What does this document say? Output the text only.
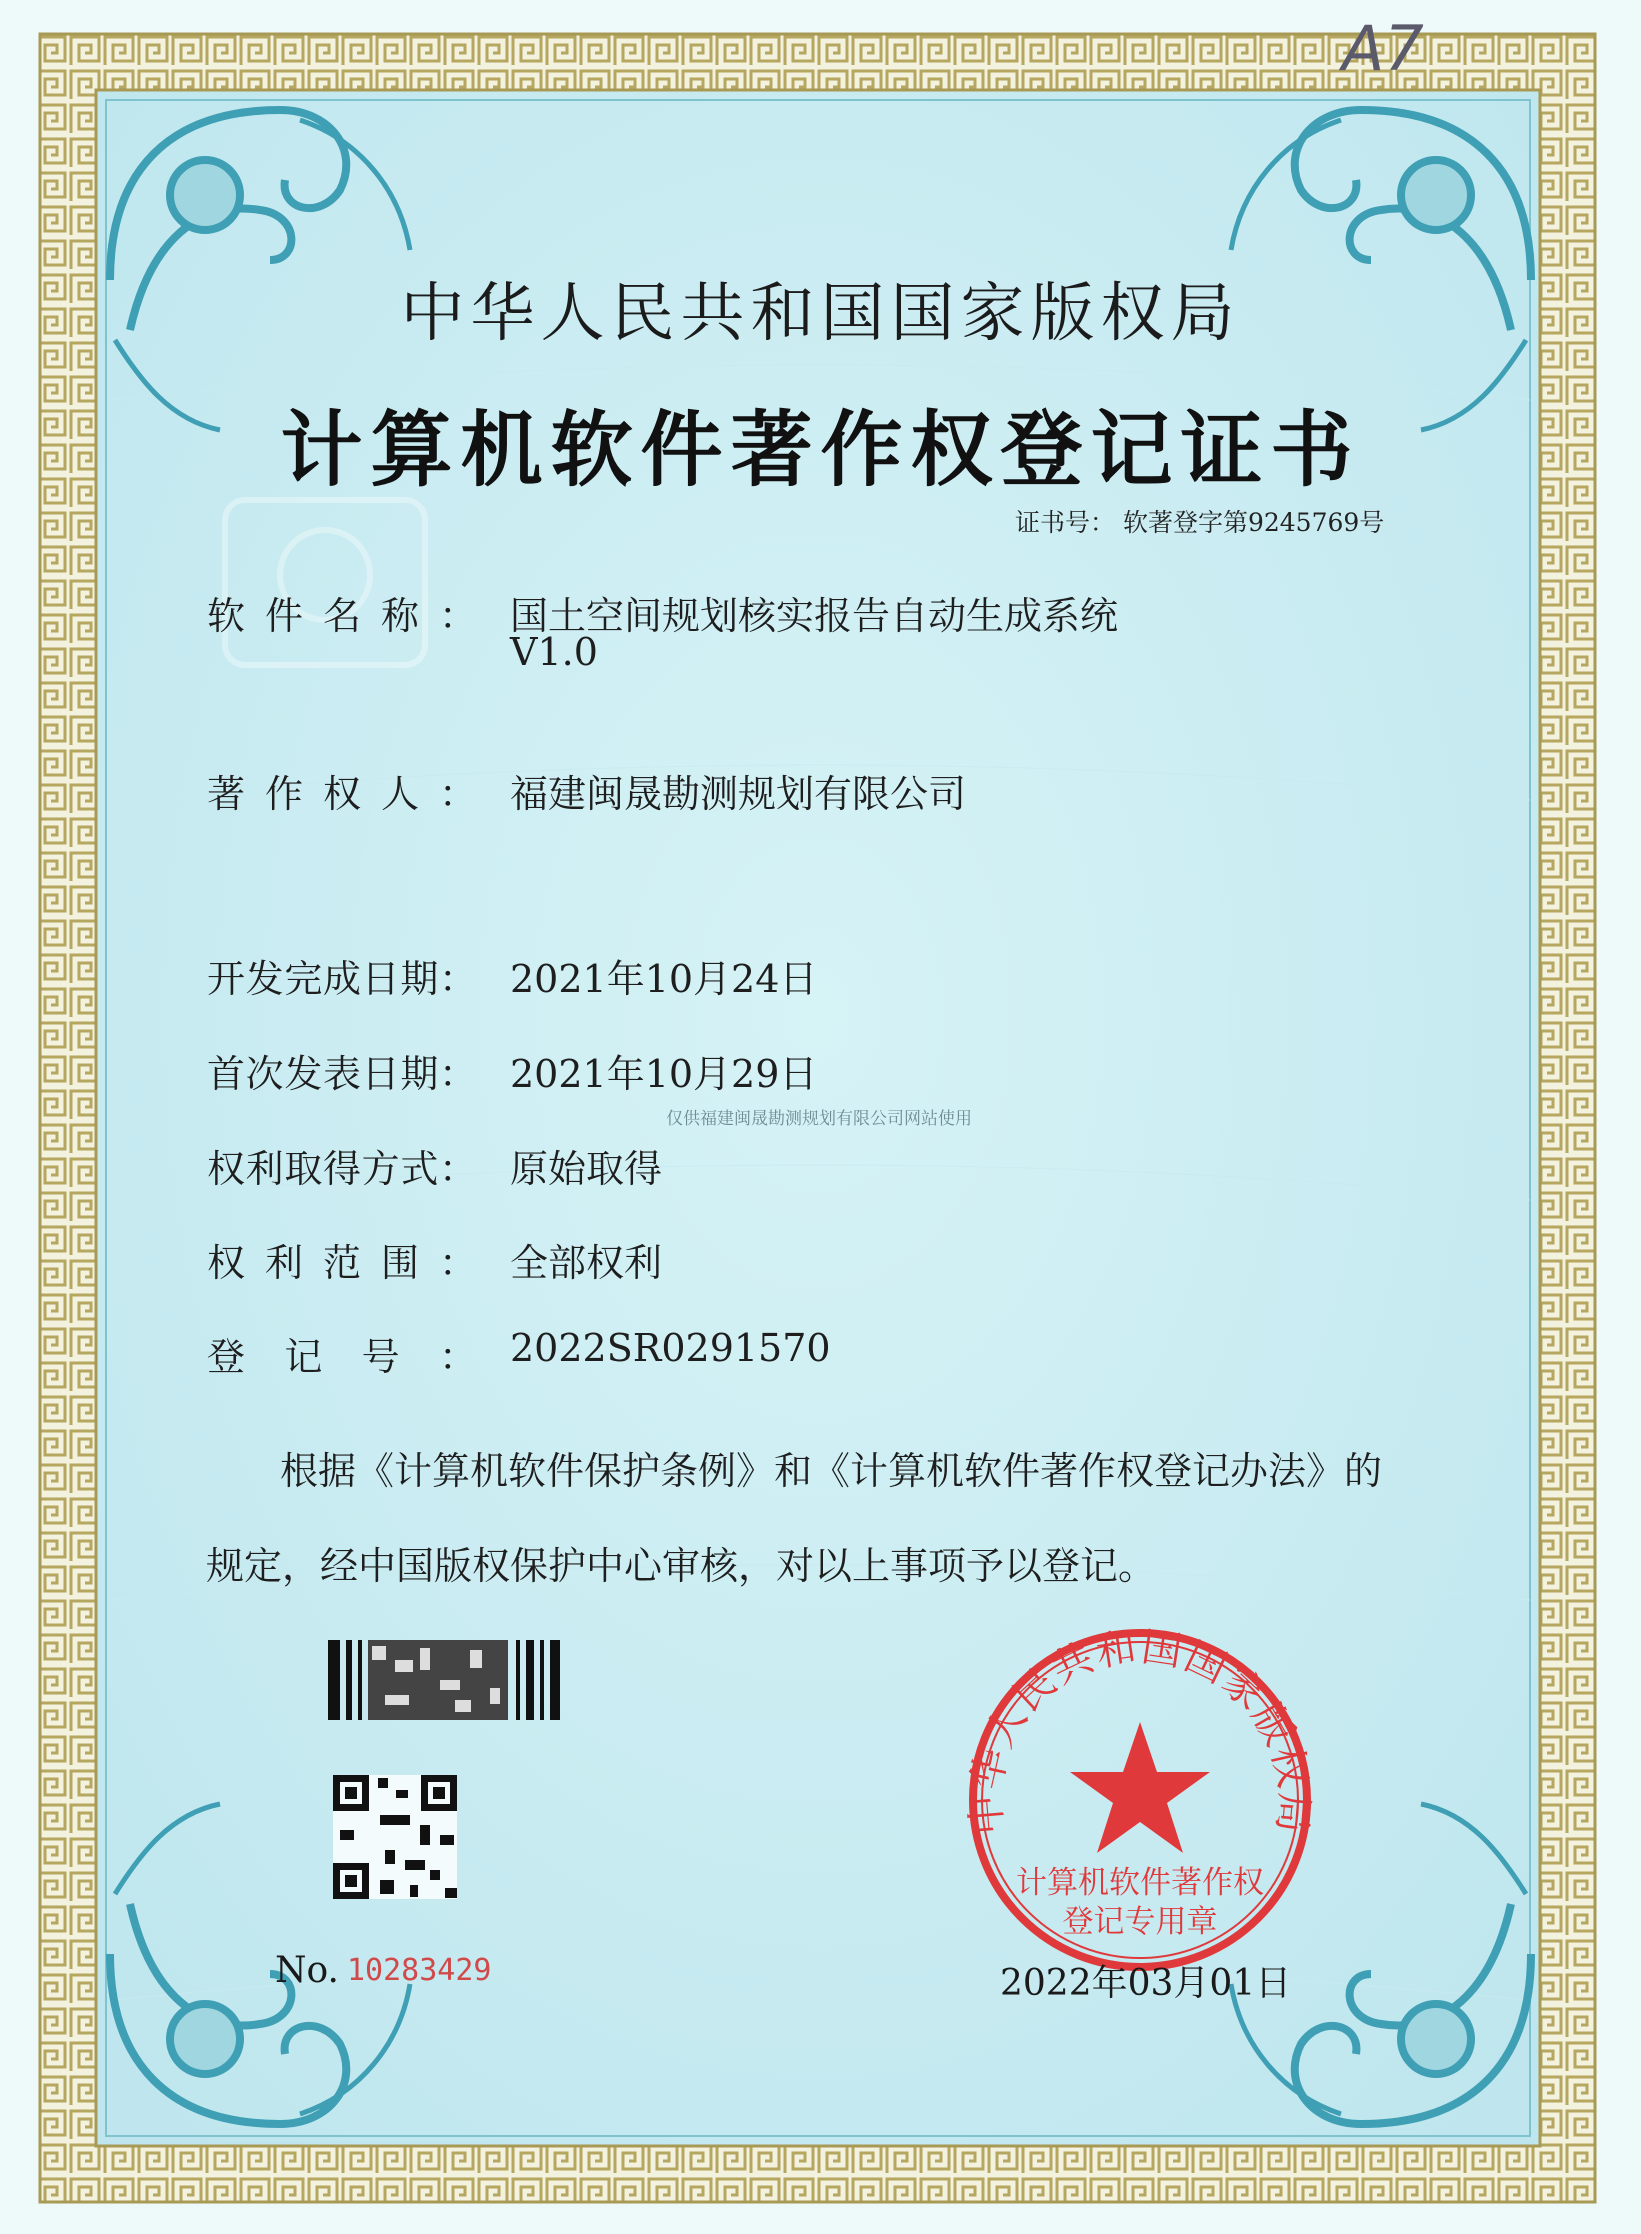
中华人民共和国国家版权局
计算机软件著作权
登记专用章
A7
中华人民共和国国家版权局
计算机软件著作权登记证书
证书号： 软著登字第9245769号
软件名称： 国土空间规划核实报告自动生成系统
V1.0
著作权人： 福建闽晟勘测规划有限公司
开发完成日期： 2021年10月24日
首次发表日期： 2021年10月29日
仅供福建闽晟勘测规划有限公司网站使用
权利取得方式： 原始取得
权利范围： 全部权利
登记号： 2022SR0291570
根据《计算机软件保护条例》和《计算机软件著作权登记办法》的
规定，经中国版权保护中心审核，对以上事项予以登记。
No. 10283429	2022年03月01日
